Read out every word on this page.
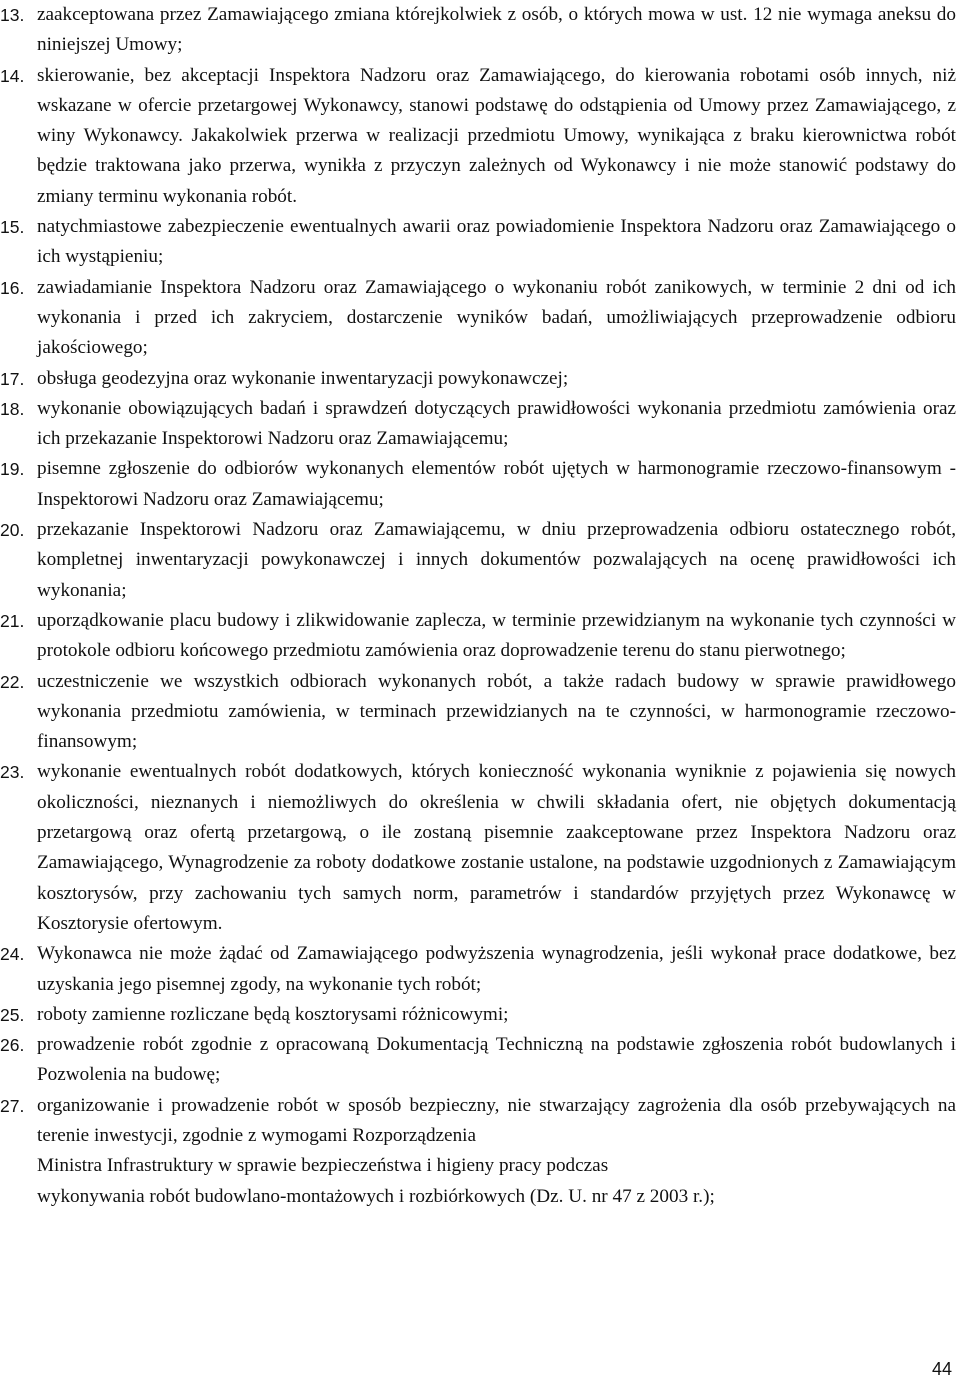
13. zaakceptowana przez Zamawiającego zmiana którejkolwiek z osób, o których mowa w ust. 12 nie wymaga aneksu do niniejszej Umowy;
14. skierowanie, bez akceptacji Inspektora Nadzoru oraz Zamawiającego, do kierowania robotami osób innych, niż wskazane w ofercie przetargowej Wykonawcy, stanowi podstawę do odstąpienia od Umowy przez Zamawiającego, z winy Wykonawcy. Jakakolwiek przerwa w realizacji przedmiotu Umowy, wynikająca z braku kierownictwa robót będzie traktowana jako przerwa, wynikła z przyczyn zależnych od Wykonawcy i nie może stanowić podstawy do zmiany terminu wykonania robót.
15. natychmiastowe zabezpieczenie ewentualnych awarii oraz powiadomienie Inspektora Nadzoru oraz Zamawiającego o ich wystąpieniu;
16. zawiadamianie Inspektora Nadzoru oraz Zamawiającego o wykonaniu robót zanikowych, w terminie 2 dni od ich wykonania i przed ich zakryciem, dostarczenie wyników badań, umożliwiających przeprowadzenie odbioru jakościowego;
17. obsługa geodezyjna oraz wykonanie inwentaryzacji powykonawczej;
18. wykonanie obowiązujących badań i sprawdzeń dotyczących prawidłowości wykonania przedmiotu zamówienia oraz ich przekazanie Inspektorowi Nadzoru oraz Zamawiającemu;
19. pisemne zgłoszenie do odbiorów wykonanych elementów robót ujętych w harmonogramie rzeczowo-finansowym - Inspektorowi Nadzoru oraz Zamawiającemu;
20. przekazanie Inspektorowi Nadzoru oraz Zamawiającemu, w dniu przeprowadzenia odbioru ostatecznego robót, kompletnej inwentaryzacji powykonawczej i innych dokumentów pozwalających na ocenę prawidłowości ich wykonania;
21. uporządkowanie placu budowy i zlikwidowanie zaplecza, w terminie przewidzianym na wykonanie tych czynności w protokole odbioru końcowego przedmiotu zamówienia oraz doprowadzenie terenu do stanu pierwotnego;
22. uczestniczenie we wszystkich odbiorach wykonanych robót, a także radach budowy w sprawie prawidłowego wykonania przedmiotu zamówienia, w terminach przewidzianych na te czynności, w harmonogramie rzeczowo-finansowym;
23. wykonanie ewentualnych robót dodatkowych, których konieczność wykonania wyniknie z pojawienia się nowych okoliczności, nieznanych i niemożliwych do określenia w chwili składania ofert, nie objętych dokumentacją przetargową oraz ofertą przetargową, o ile zostaną pisemnie zaakceptowane przez Inspektora Nadzoru oraz Zamawiającego, Wynagrodzenie za roboty dodatkowe zostanie ustalone, na podstawie uzgodnionych z Zamawiającym kosztorysów, przy zachowaniu tych samych norm, parametrów i standardów przyjętych przez Wykonawcę w Kosztorysie ofertowym.
24. Wykonawca nie może żądać od Zamawiającego podwyższenia wynagrodzenia, jeśli wykonał prace dodatkowe, bez uzyskania jego pisemnej zgody, na wykonanie tych robót;
25. roboty zamienne rozliczane będą kosztorysami różnicowymi;
26. prowadzenie robót zgodnie z opracowaną Dokumentacją Techniczną na podstawie zgłoszenia robót budowlanych i Pozwolenia na budowę;
27. organizowanie i prowadzenie robót w sposób bezpieczny, nie stwarzający zagrożenia dla osób przebywających na terenie inwestycji, zgodnie z wymogami Rozporządzenia
Ministra Infrastruktury w sprawie bezpieczeństwa i higieny pracy podczas
wykonywania robót budowlano-montażowych i rozbiórkowych (Dz. U. nr 47 z 2003 r.);
44
